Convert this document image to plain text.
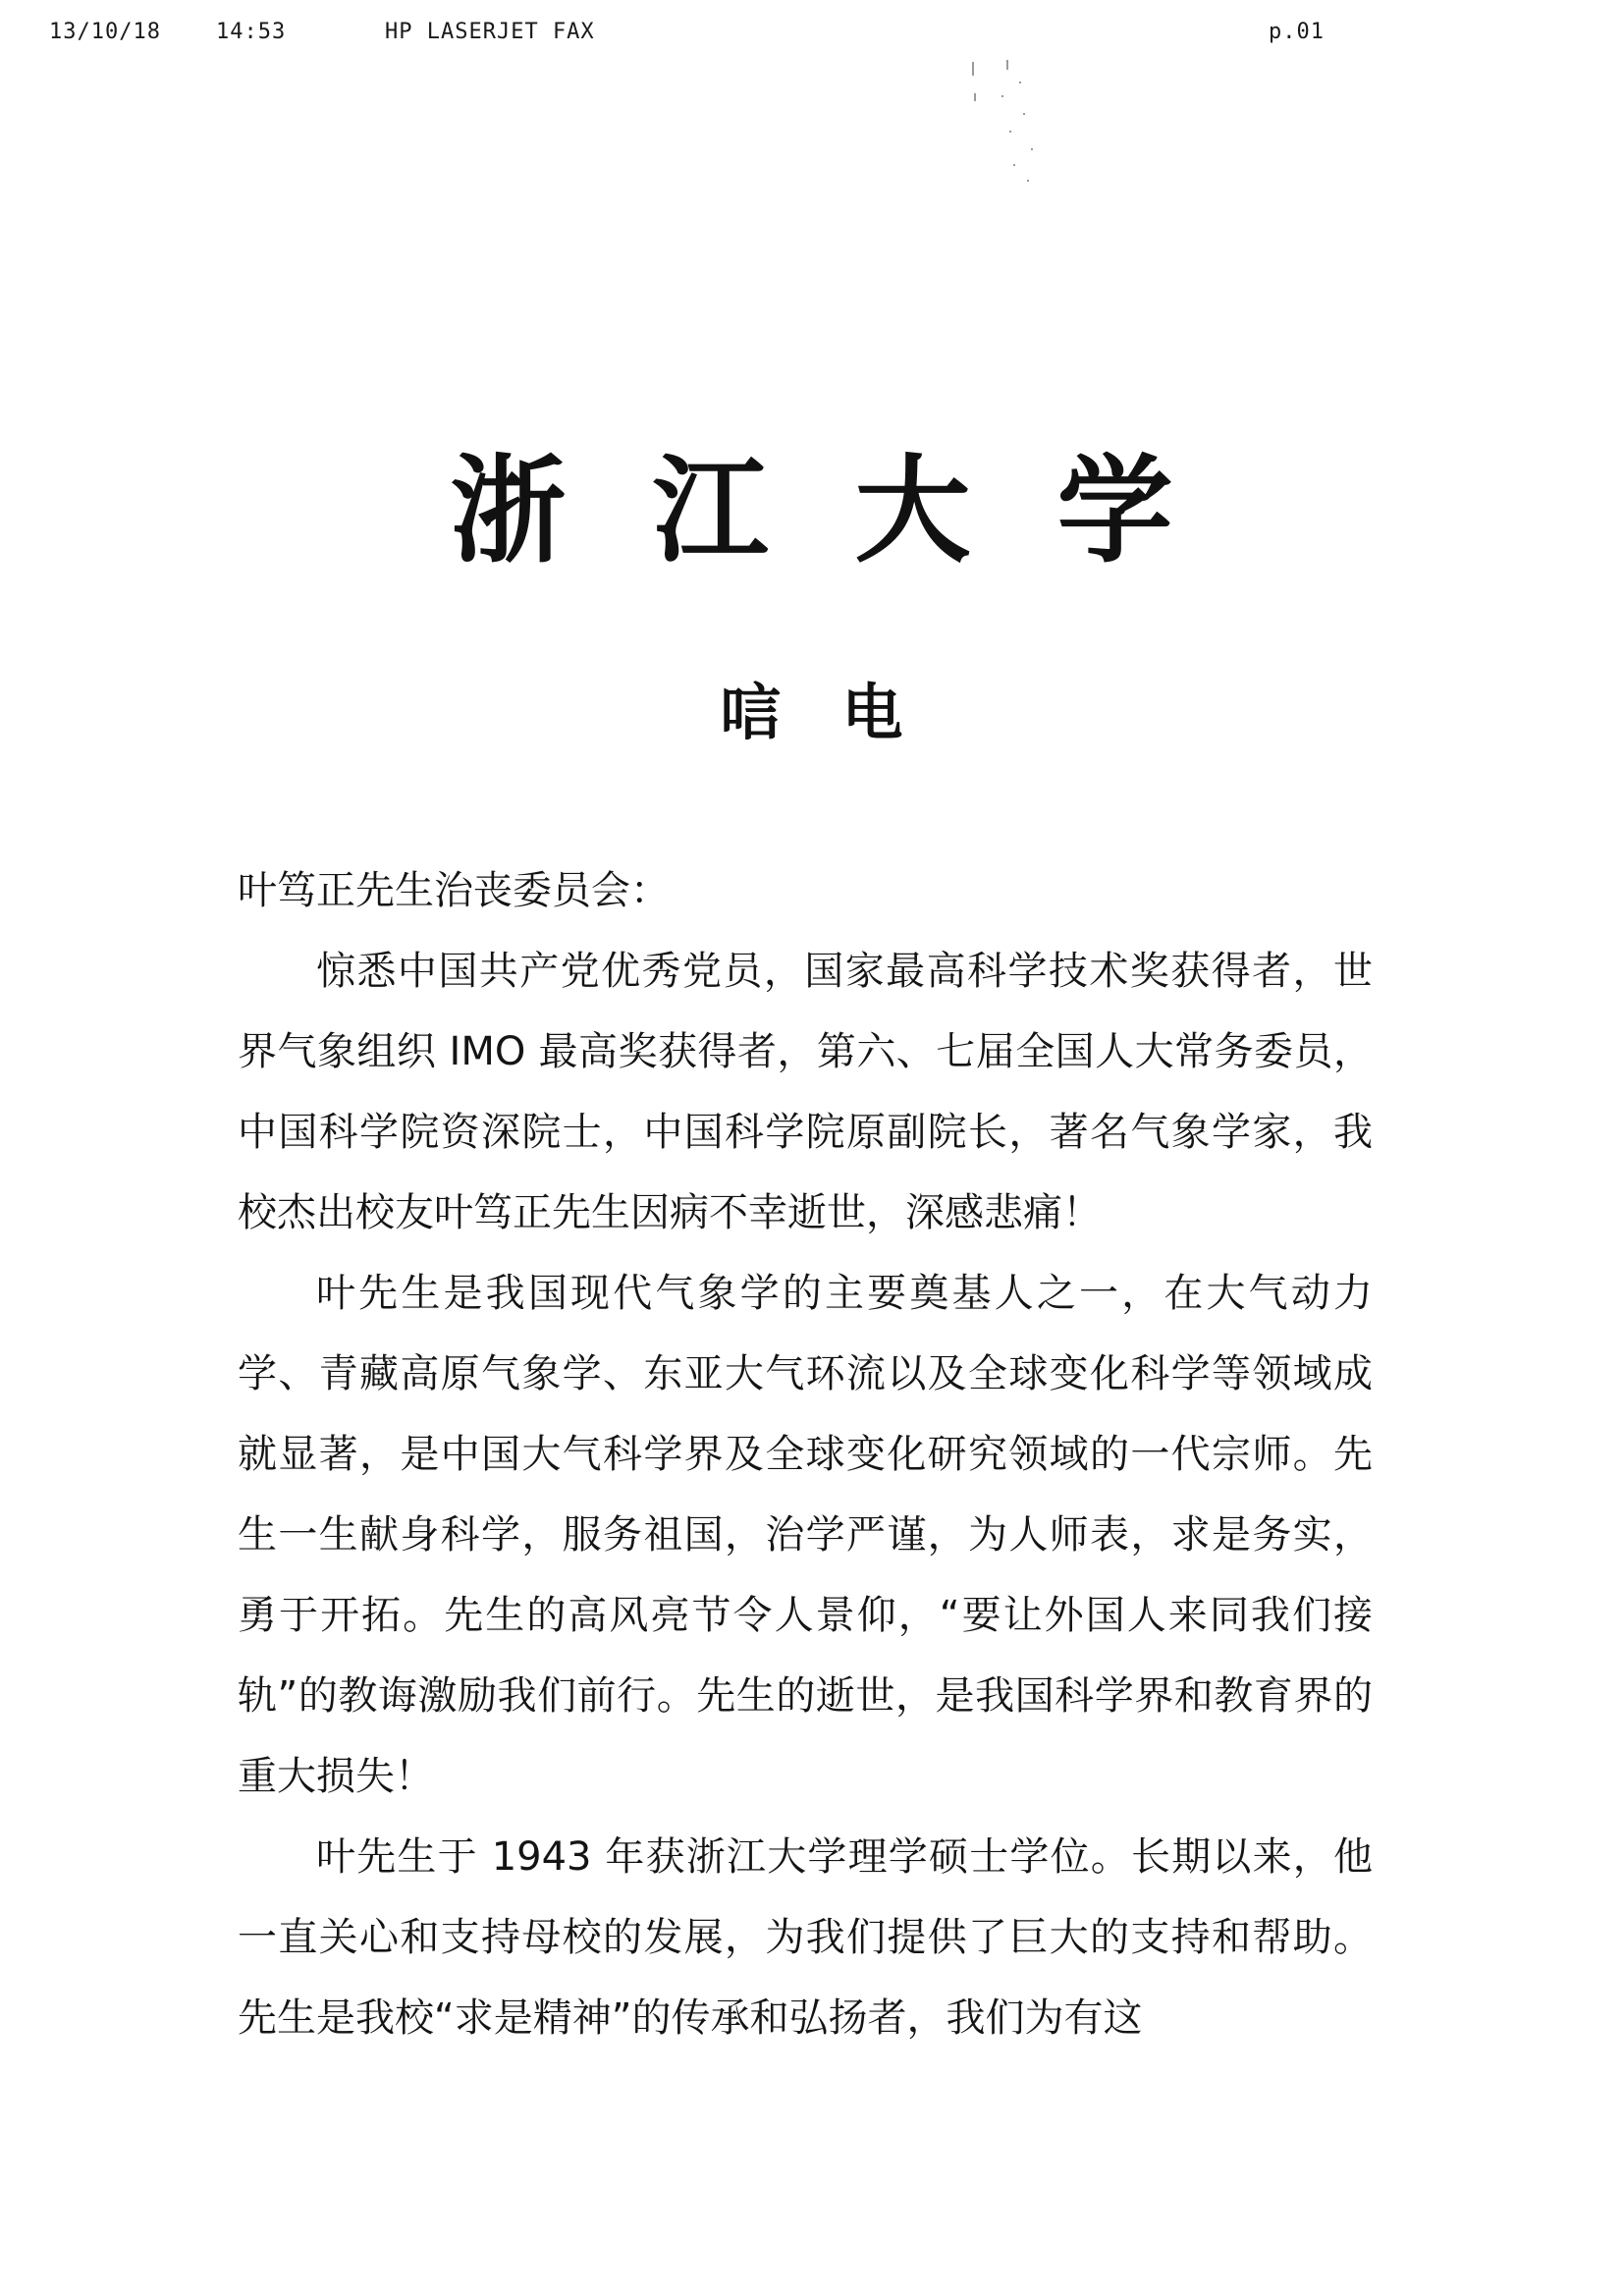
13/10/18	14:53	HP LASERJET FAX	p.01
浙江大学
唁电

叶笃正先生治丧委员会：

惊悉中国共产党优秀党员，国家最高科学技术奖获得者，世界气象组织 IMO 最高奖获得者，第六、七届全国人大常务委员，中国科学院资深院士，中国科学院原副院长，著名气象学家，我校杰出校友叶笃正先生因病不幸逝世，深感悲痛！

叶先生是我国现代气象学的主要奠基人之一，在大气动力学、青藏高原气象学、东亚大气环流以及全球变化科学等领域成就显著，是中国大气科学界及全球变化研究领域的一代宗师。先生一生献身科学，服务祖国，治学严谨，为人师表，求是务实，勇于开拓。先生的高风亮节令人景仰，“要让外国人来同我们接轨”的教诲激励我们前行。先生的逝世，是我国科学界和教育界的重大损失！

叶先生于 1943 年获浙江大学理学硕士学位。长期以来，他一直关心和支持母校的发展，为我们提供了巨大的支持和帮助。先生是我校“求是精神”的传承和弘扬者，我们为有这
